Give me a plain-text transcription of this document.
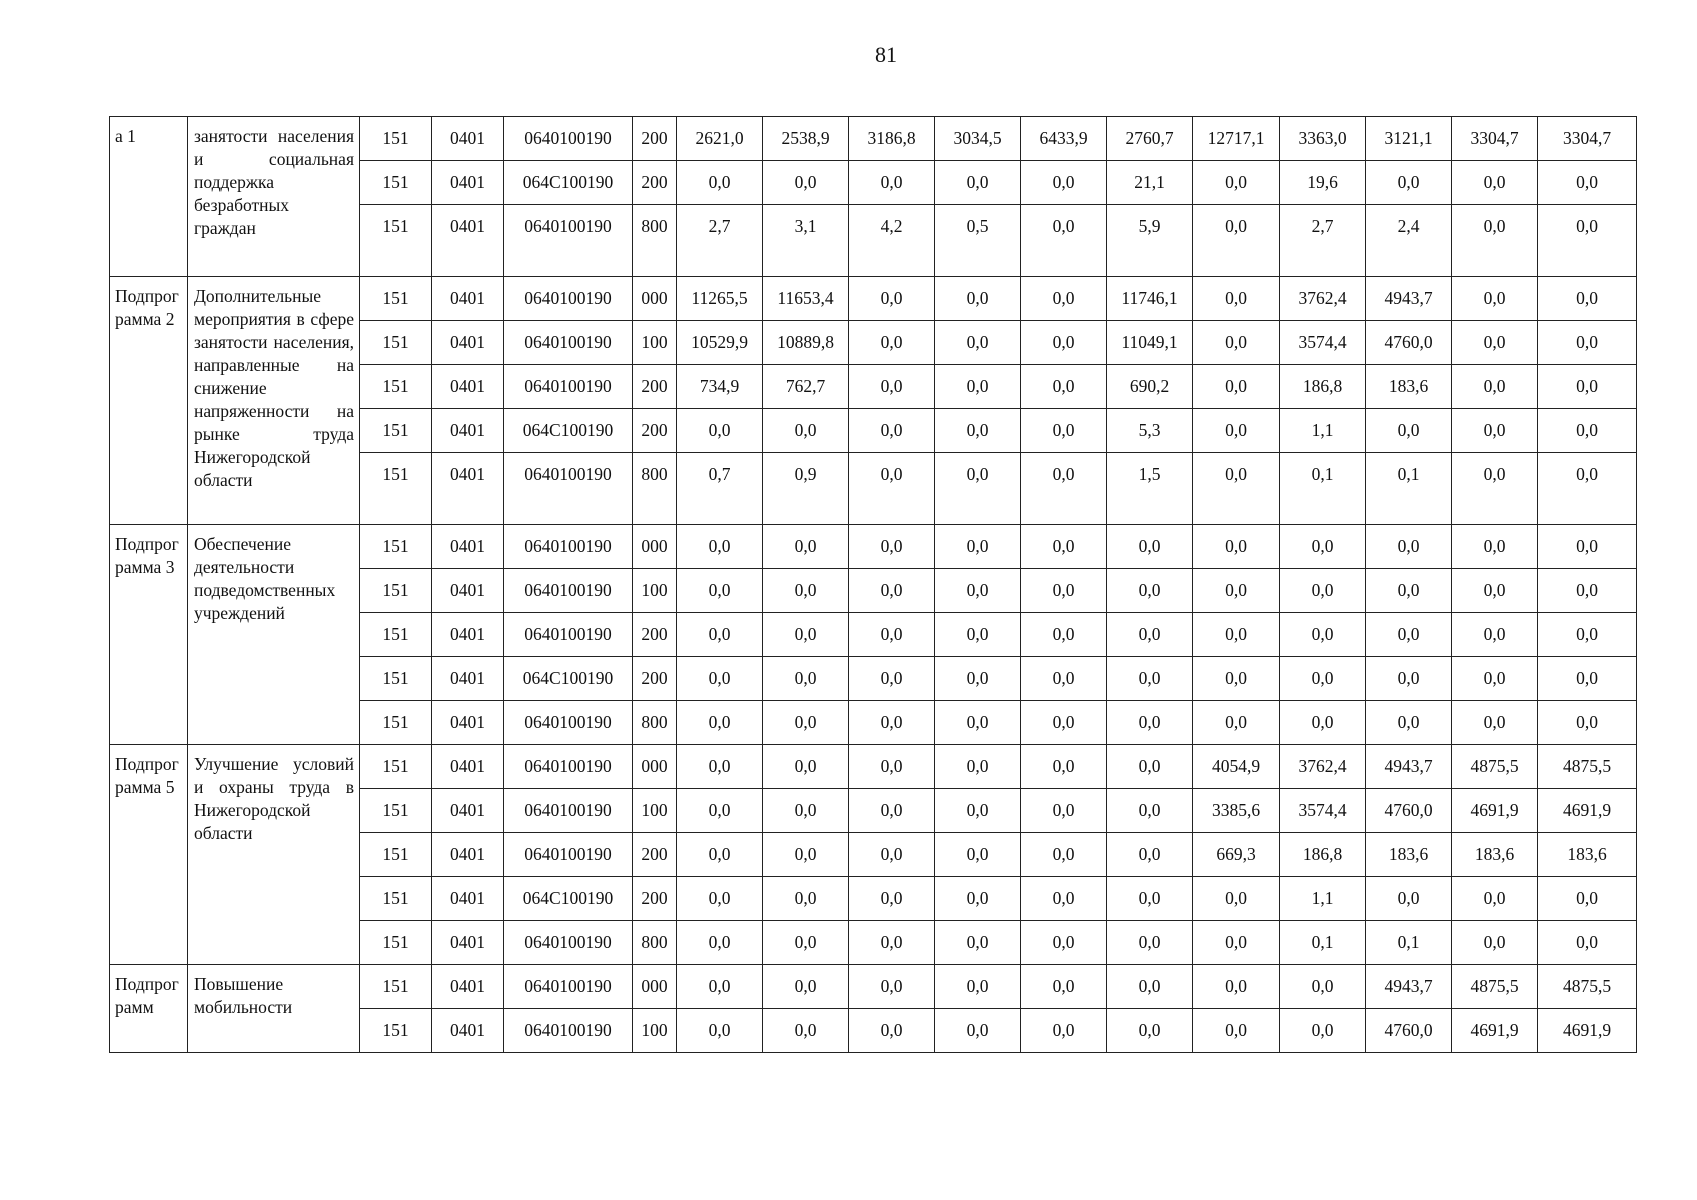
81
а 1	занятости населения и социальная поддержка безработных граждан	151	0401	0640100190	200	2621,0	2538,9	3186,8	3034,5	6433,9	2760,7	12717,1	3363,0	3121,1	3304,7	3304,7
		151	0401	064C100190	200	0,0	0,0	0,0	0,0	0,0	21,1	0,0	19,6	0,0	0,0	0,0
		151	0401	0640100190	800	2,7	3,1	4,2	0,5	0,0	5,9	0,0	2,7	2,4	0,0	0,0
Подпрограмма 2	Дополнительные мероприятия в сфере занятости населения, направленные на снижение напряженности на рынке труда Нижегородской области	151	0401	0640100190	000	11265,5	11653,4	0,0	0,0	0,0	11746,1	0,0	3762,4	4943,7	0,0	0,0
		151	0401	0640100190	100	10529,9	10889,8	0,0	0,0	0,0	11049,1	0,0	3574,4	4760,0	0,0	0,0
		151	0401	0640100190	200	734,9	762,7	0,0	0,0	0,0	690,2	0,0	186,8	183,6	0,0	0,0
		151	0401	064C100190	200	0,0	0,0	0,0	0,0	0,0	5,3	0,0	1,1	0,0	0,0	0,0
		151	0401	0640100190	800	0,7	0,9	0,0	0,0	0,0	1,5	0,0	0,1	0,1	0,0	0,0
Подпрограмма 3	Обеспечение деятельности подведомственных учреждений	151	0401	0640100190	000	0,0	0,0	0,0	0,0	0,0	0,0	0,0	0,0	0,0	0,0	0,0
		151	0401	0640100190	100	0,0	0,0	0,0	0,0	0,0	0,0	0,0	0,0	0,0	0,0	0,0
		151	0401	0640100190	200	0,0	0,0	0,0	0,0	0,0	0,0	0,0	0,0	0,0	0,0	0,0
		151	0401	064C100190	200	0,0	0,0	0,0	0,0	0,0	0,0	0,0	0,0	0,0	0,0	0,0
		151	0401	0640100190	800	0,0	0,0	0,0	0,0	0,0	0,0	0,0	0,0	0,0	0,0	0,0
Подпрограмма 5	Улучшение условий и охраны труда в Нижегородской области	151	0401	0640100190	000	0,0	0,0	0,0	0,0	0,0	0,0	4054,9	3762,4	4943,7	4875,5	4875,5
		151	0401	0640100190	100	0,0	0,0	0,0	0,0	0,0	0,0	3385,6	3574,4	4760,0	4691,9	4691,9
		151	0401	0640100190	200	0,0	0,0	0,0	0,0	0,0	0,0	669,3	186,8	183,6	183,6	183,6
		151	0401	064C100190	200	0,0	0,0	0,0	0,0	0,0	0,0	0,0	1,1	0,0	0,0	0,0
		151	0401	0640100190	800	0,0	0,0	0,0	0,0	0,0	0,0	0,0	0,1	0,1	0,0	0,0
Подпрограмм	Повышение мобильности	151	0401	0640100190	000	0,0	0,0	0,0	0,0	0,0	0,0	0,0	0,0	4943,7	4875,5	4875,5
		151	0401	0640100190	100	0,0	0,0	0,0	0,0	0,0	0,0	0,0	0,0	4760,0	4691,9	4691,9
